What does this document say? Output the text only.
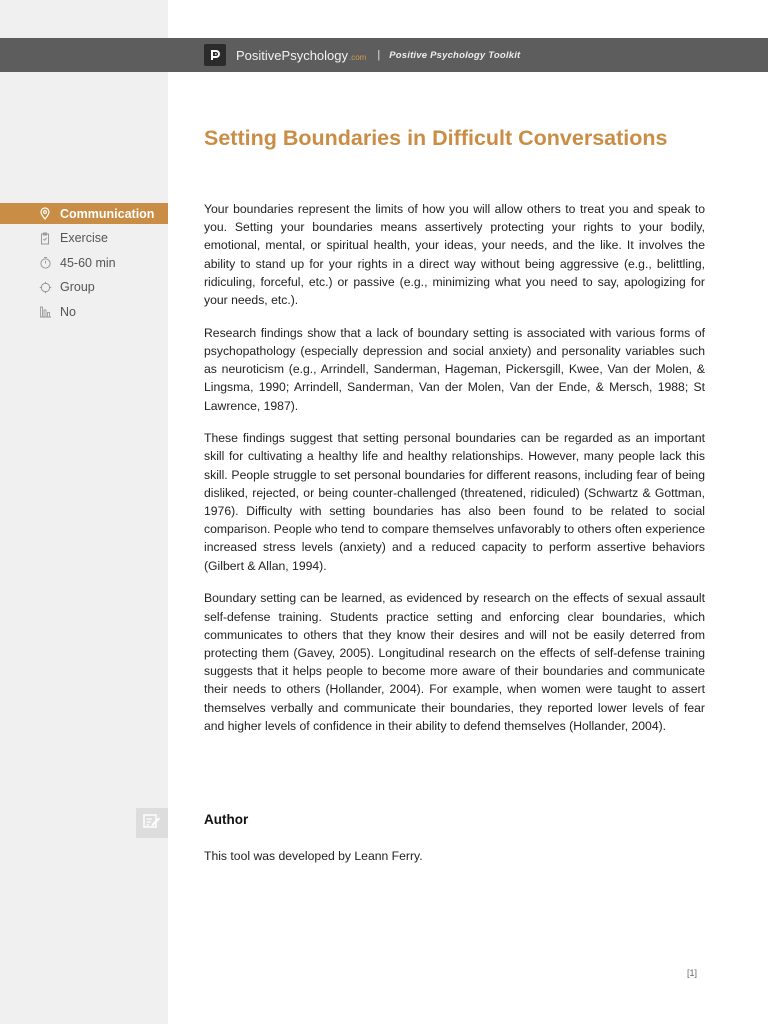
PositivePsychology .com | Positive Psychology Toolkit
Setting Boundaries in Difficult Conversations
Communication
Exercise
45-60 min
Group
No

Your boundaries represent the limits of how you will allow others to treat you and speak to you. Setting your boundaries means assertively protecting your rights to your bodily, emotional, mental, or spiritual health, your ideas, your needs, and the like. It involves the ability to stand up for your rights in a direct way without being aggressive (e.g., belittling, ridiculing, forceful, etc.) or passive (e.g., minimizing what you need to say, apologizing for your needs, etc.).

Research findings show that a lack of boundary setting is associated with various forms of psychopathology (especially depression and social anxiety) and personality variables such as neuroticism (e.g., Arrindell, Sanderman, Hageman, Pickersgill, Kwee, Van der Molen, & Lingsma, 1990; Arrindell, Sanderman, Van der Molen, Van der Ende, & Mersch, 1988; St Lawrence, 1987).

These findings suggest that setting personal boundaries can be regarded as an important skill for cultivating a healthy life and healthy relationships. However, many people lack this skill. People struggle to set personal boundaries for different reasons, including fear of being disliked, rejected, or being counter-challenged (threatened, ridiculed) (Schwartz & Gottman, 1976). Difficulty with setting boundaries has also been found to be related to social comparison. People who tend to compare themselves unfavorably to others often experience increased stress levels (anxiety) and a reduced capacity to perform assertive behaviors (Gilbert & Allan, 1994).

Boundary setting can be learned, as evidenced by research on the effects of sexual assault self-defense training. Students practice setting and enforcing clear boundaries, which communicates to others that they know their desires and will not be easily deterred from protecting them (Gavey, 2005). Longitudinal research on the effects of self-defense training suggests that it helps people to become more aware of their boundaries and communicate their needs to others (Hollander, 2004). For example, when women were taught to assert themselves verbally and communicate their boundaries, they reported lower levels of fear and higher levels of confidence in their ability to defend themselves (Hollander, 2004).

Author

This tool was developed by Leann Ferry.

[1]
